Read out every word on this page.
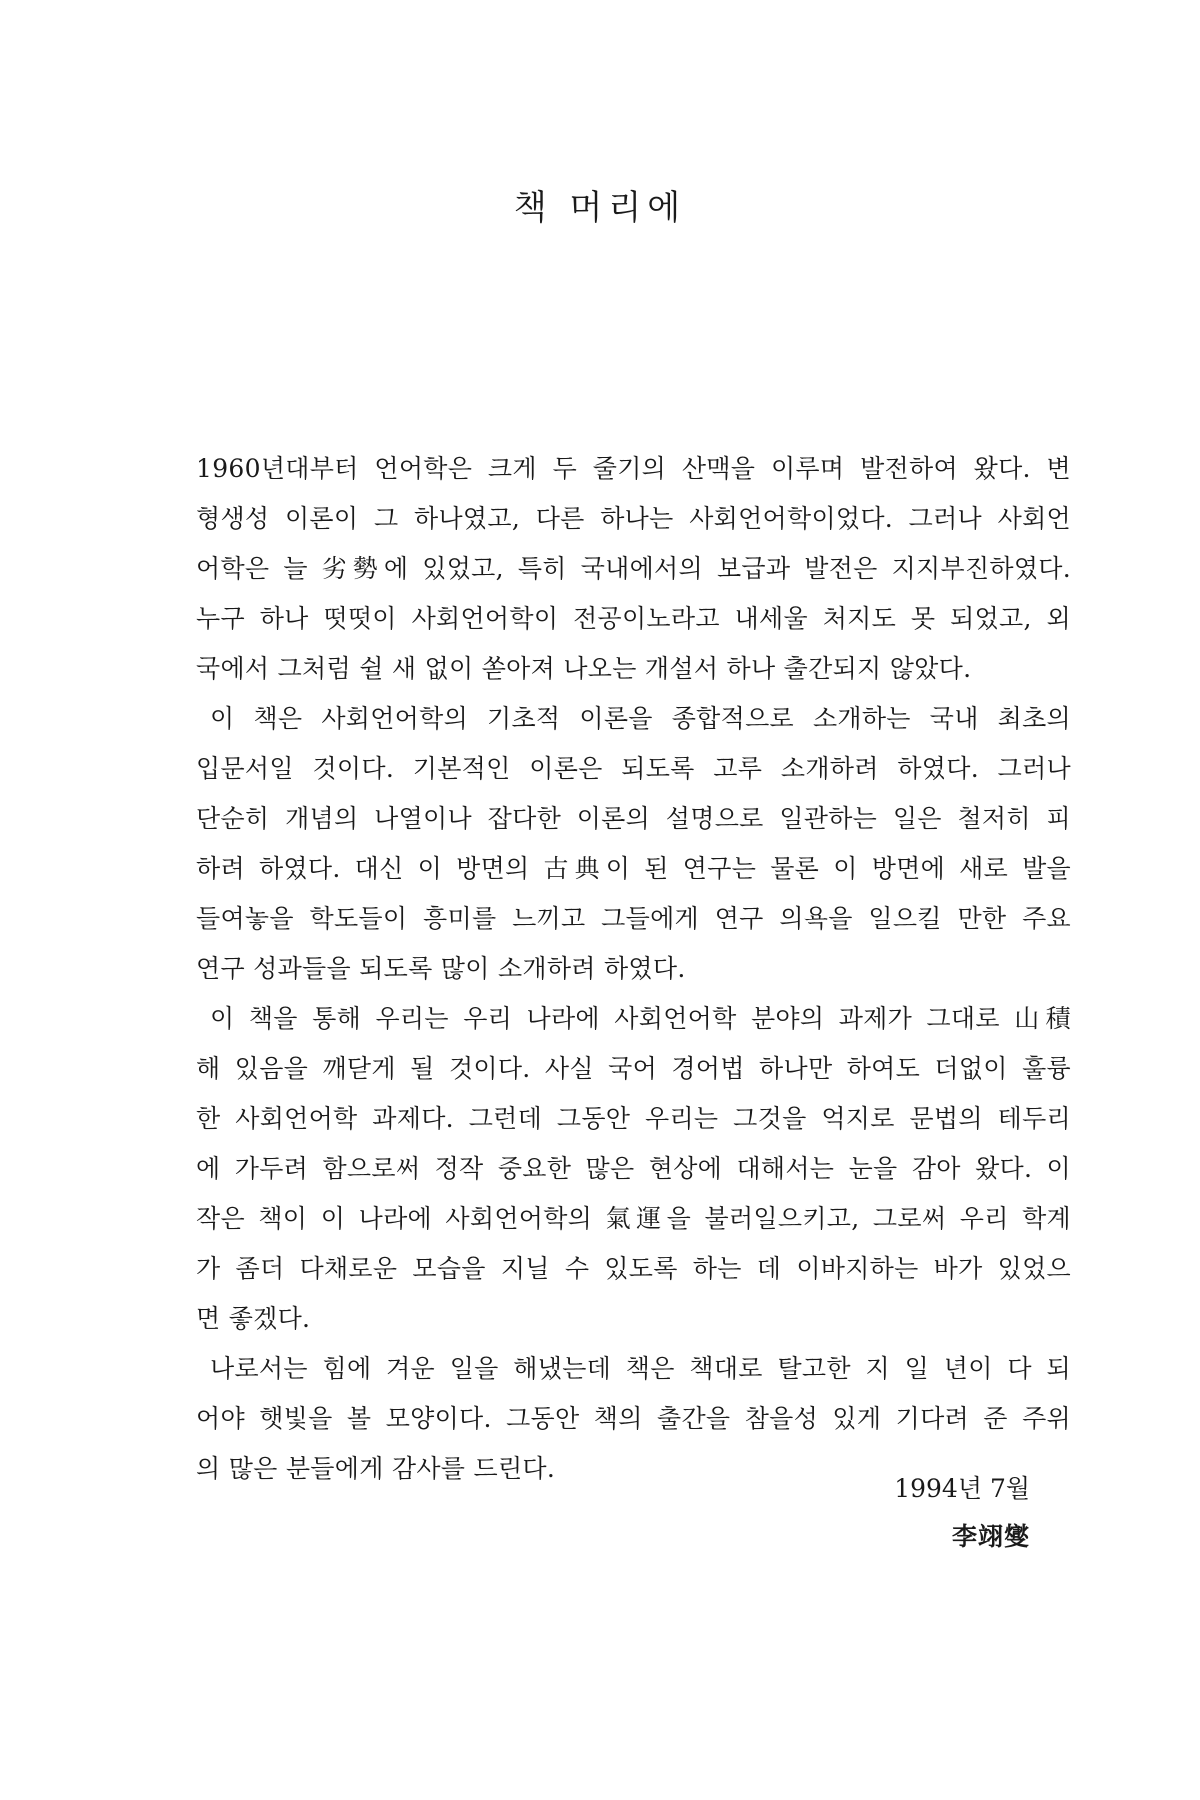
책 머리에
1960년대부터 언어학은 크게 두 줄기의 산맥을 이루며 발전하여 왔다. 변
형생성 이론이 그 하나였고, 다른 하나는 사회언어학이었다. 그러나 사회언
어학은 늘 劣勢에 있었고, 특히 국내에서의 보급과 발전은 지지부진하였다.
누구 하나 떳떳이 사회언어학이 전공이노라고 내세울 처지도 못 되었고, 외
국에서 그처럼 쉴 새 없이 쏟아져 나오는 개설서 하나 출간되지 않았다.
이 책은 사회언어학의 기초적 이론을 종합적으로 소개하는 국내 최초의
입문서일 것이다. 기본적인 이론은 되도록 고루 소개하려 하였다. 그러나
단순히 개념의 나열이나 잡다한 이론의 설명으로 일관하는 일은 철저히 피
하려 하였다. 대신 이 방면의 古典이 된 연구는 물론 이 방면에 새로 발을
들여놓을 학도들이 흥미를 느끼고 그들에게 연구 의욕을 일으킬 만한 주요
연구 성과들을 되도록 많이 소개하려 하였다.
이 책을 통해 우리는 우리 나라에 사회언어학 분야의 과제가 그대로 山積
해 있음을 깨닫게 될 것이다. 사실 국어 경어법 하나만 하여도 더없이 훌륭
한 사회언어학 과제다. 그런데 그동안 우리는 그것을 억지로 문법의 테두리
에 가두려 함으로써 정작 중요한 많은 현상에 대해서는 눈을 감아 왔다. 이
작은 책이 이 나라에 사회언어학의 氣運을 불러일으키고, 그로써 우리 학계
가 좀더 다채로운 모습을 지닐 수 있도록 하는 데 이바지하는 바가 있었으
면 좋겠다.
나로서는 힘에 겨운 일을 해냈는데 책은 책대로 탈고한 지 일 년이 다 되
어야 햇빛을 볼 모양이다. 그동안 책의 출간을 참을성 있게 기다려 준 주위
의 많은 분들에게 감사를 드린다.
1994년 7월
李翊燮
